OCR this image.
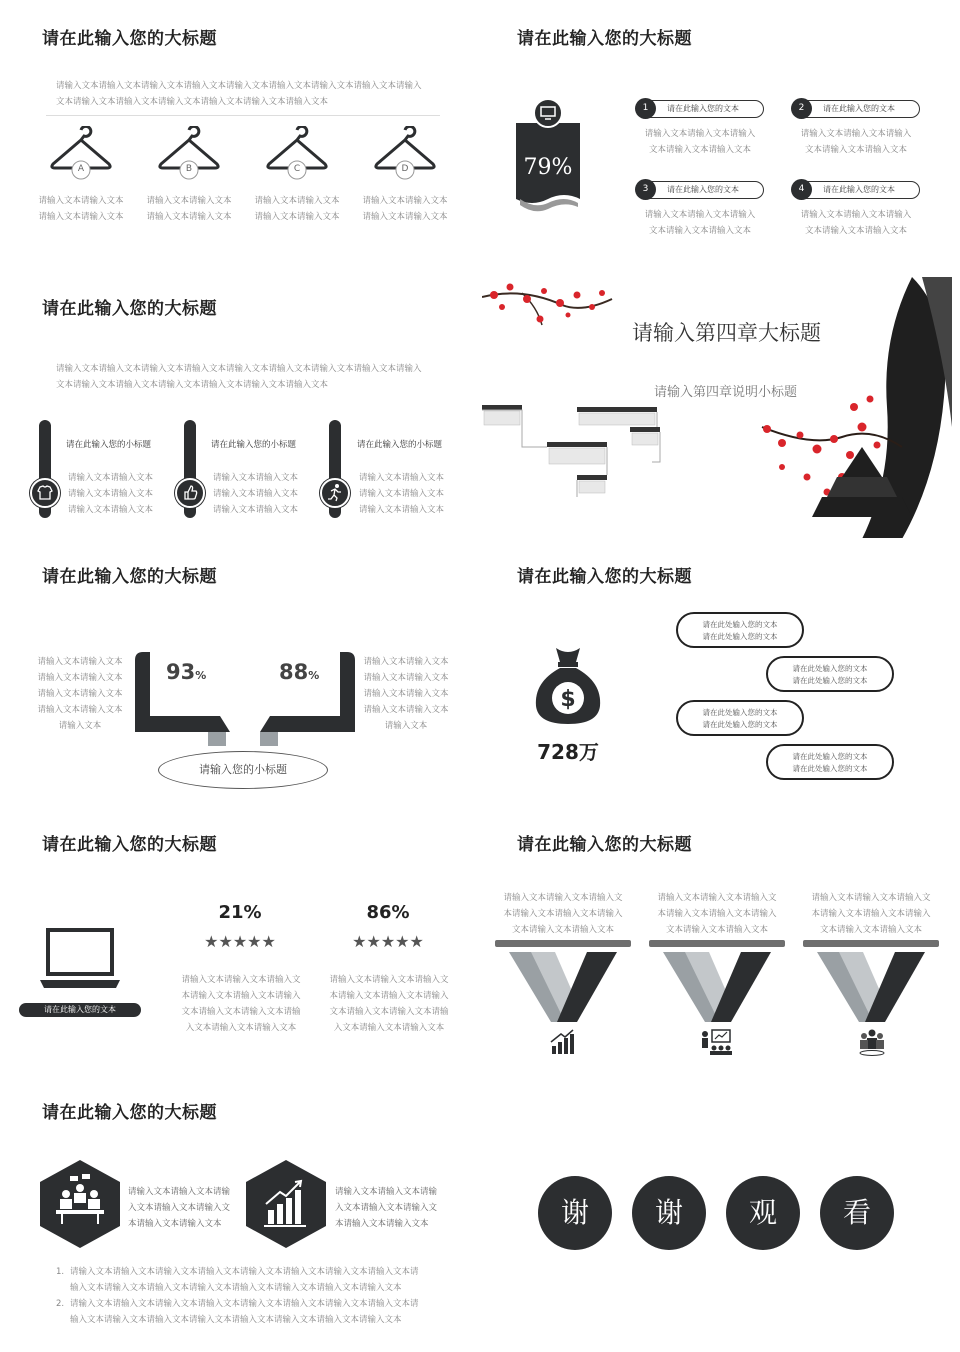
请在此输入您的大标题
请输入文本请输入文本请输入文本请输入文本请输入文本请输入文本请输入文本请输入文本请输入文本请输入文本请输入文本请输入文本请输入文本请输入文本请输入文本
A	B	C	D
请输入文本请输入文本
请输入文本请输入文本
请输入文本请输入文本
请输入文本请输入文本
请输入文本请输入文本
请输入文本请输入文本
请输入文本请输入文本
请输入文本请输入文本
请在此输入您的大标题
79%
1	请在此输入您的文本	2	请在此输入您的文本
3	请在此输入您的文本	4	请在此输入您的文本
请输入文本请输入文本请输入
文本请输入文本请输入文本
请输入文本请输入文本请输入
文本请输入文本请输入文本
请输入文本请输入文本请输入
文本请输入文本请输入文本
请输入文本请输入文本请输入
文本请输入文本请输入文本
请在此输入您的大标题
请输入文本请输入文本请输入文本请输入文本请输入文本请输入文本请输入文本请输入文本请输入文本请输入文本请输入文本请输入文本请输入文本请输入文本请输入文本
请在此输入您的小标题
请输入文本请输入文本
请输入文本请输入文本
请输入文本请输入文本
请在此输入您的小标题
请输入文本请输入文本
请输入文本请输入文本
请输入文本请输入文本
请在此输入您的小标题
请输入文本请输入文本
请输入文本请输入文本
请输入文本请输入文本
请输入第四章大标题
请输入第四章说明小标题
请在此输入您的大标题
请输入文本请输入文本
请输入文本请输入文本
请输入文本请输入文本
请输入文本请输入文本
请输入文本
请输入文本请输入文本
请输入文本请输入文本
请输入文本请输入文本
请输入文本请输入文本
请输入文本
93%	88%
请输入您的小标题
请在此输入您的大标题
$
728万
请在此处输入您的文本
请在此处输入您的文本
请在此处输入您的文本
请在此处输入您的文本
请在此处输入您的文本
请在此处输入您的文本
请在此处输入您的文本
请在此处输入您的文本
请在此输入您的大标题
请在此输入您的文本
21%
★★★★★
请输入文本请输入文本请输入文
本请输入文本请输入文本请输入
文本请输入文本请输入文本请输
入文本请输入文本请输入文本
86%
★★★★★
请输入文本请输入文本请输入文
本请输入文本请输入文本请输入
文本请输入文本请输入文本请输
入文本请输入文本请输入文本
请在此输入您的大标题
请输入文本请输入文本请输入文
本请输入文本请输入文本请输入
文本请输入文本请输入文本
请输入文本请输入文本请输入文
本请输入文本请输入文本请输入
文本请输入文本请输入文本
请输入文本请输入文本请输入文
本请输入文本请输入文本请输入
文本请输入文本请输入文本
请在此输入您的大标题
请输入文本请输入文本请输
入文本请输入文本请输入文
本请输入文本请输入文本
请输入文本请输入文本请输
入文本请输入文本请输入文
本请输入文本请输入文本
1. 请输入文本请输入文本请输入文本请输入文本请输入文本请输入文本请输入文本请输入文本请
输入文本请输入文本请输入文本请输入文本请输入文本请输入文本请输入文本请输入文本
2. 请输入文本请输入文本请输入文本请输入文本请输入文本请输入文本请输入文本请输入文本请
输入文本请输入文本请输入文本请输入文本请输入文本请输入文本请输入文本请输入文本
谢	谢	观	看
